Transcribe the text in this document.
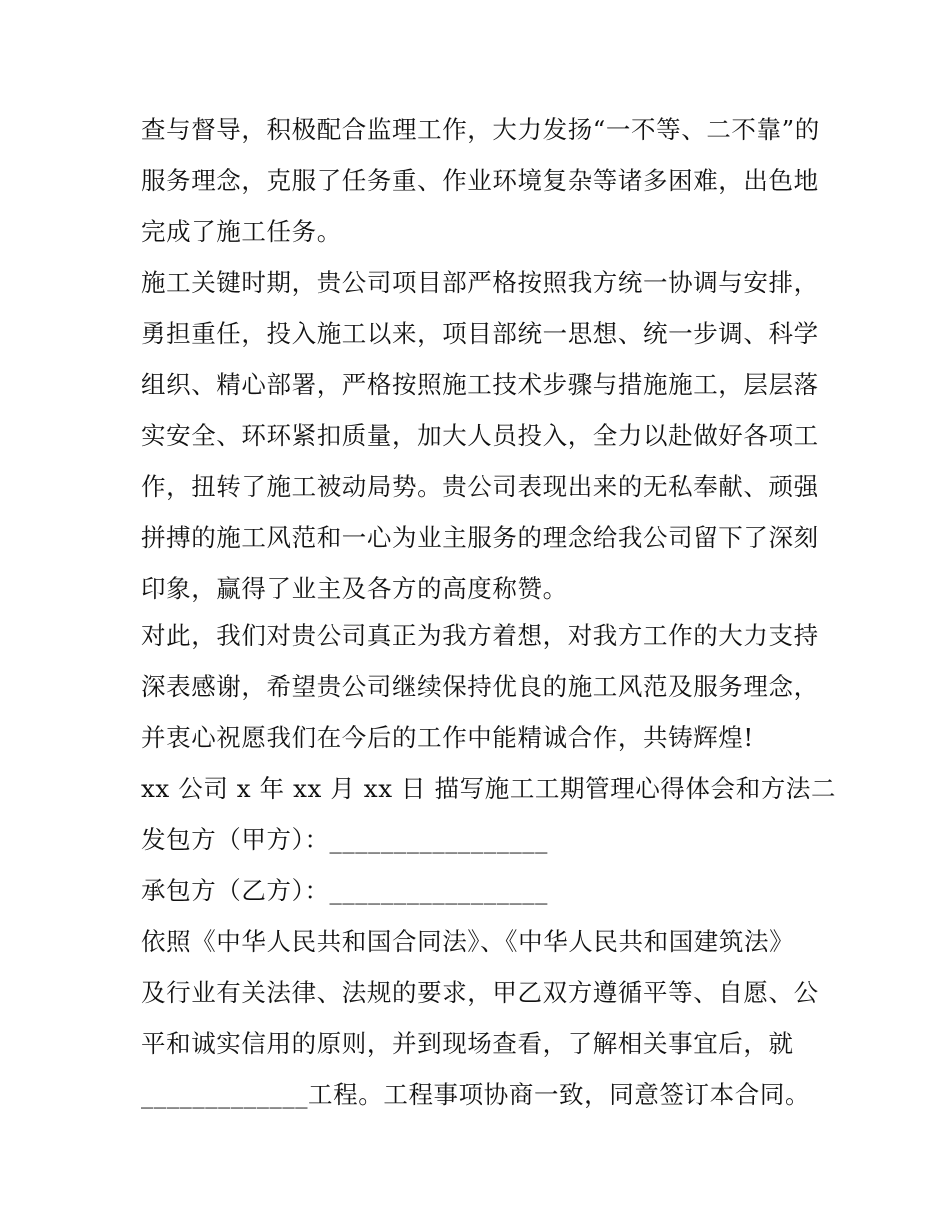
查与督导，积极配合监理工作，大力发扬“一不等、二不靠”的
服务理念，克服了任务重、作业环境复杂等诸多困难，出色地
完成了施工任务。
施工关键时期，贵公司项目部严格按照我方统一协调与安排，
勇担重任，投入施工以来，项目部统一思想、统一步调、科学
组织、精心部署，严格按照施工技术步骤与措施施工，层层落
实安全、环环紧扣质量，加大人员投入，全力以赴做好各项工
作，扭转了施工被动局势。贵公司表现出来的无私奉献、顽强
拼搏的施工风范和一心为业主服务的理念给我公司留下了深刻
印象，赢得了业主及各方的高度称赞。
对此，我们对贵公司真正为我方着想，对我方工作的大力支持
深表感谢，希望贵公司继续保持优良的施工风范及服务理念，
并衷心祝愿我们在今后的工作中能精诚合作，共铸辉煌!
xx 公司 x 年 xx 月 xx 日 描写施工工期管理心得体会和方法二
发包方（甲方）：_________________
承包方（乙方）：_________________
依照《中华人民共和国合同法》、《中华人民共和国建筑法》
及行业有关法律、法规的要求，甲乙双方遵循平等、自愿、公
平和诚实信用的原则，并到现场查看，了解相关事宜后，就
_____________工程。工程事项协商一致，同意签订本合同。
